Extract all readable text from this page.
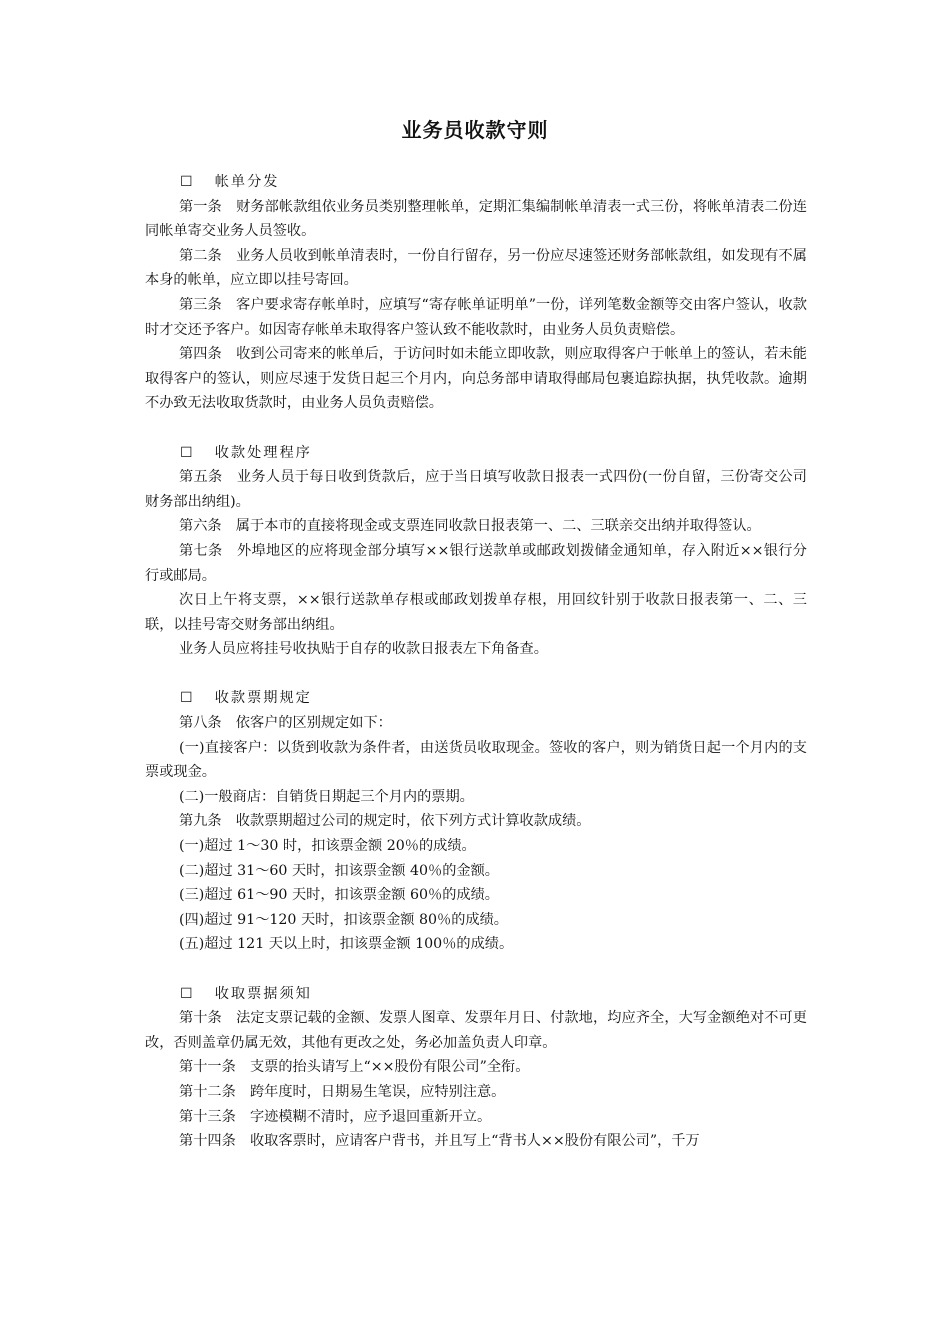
业务员收款守则
☐ 帐单分发
第一条　财务部帐款组依业务员类别整理帐单，定期汇集编制帐单清表一式三份，将帐单清表二份连同帐单寄交业务人员签收。
第二条　业务人员收到帐单清表时，一份自行留存，另一份应尽速签还财务部帐款组，如发现有不属本身的帐单，应立即以挂号寄回。
第三条　客户要求寄存帐单时，应填写“寄存帐单证明单”一份，详列笔数金额等交由客户签认，收款时才交还予客户。如因寄存帐单未取得客户签认致不能收款时，由业务人员负责赔偿。
第四条　收到公司寄来的帐单后，于访问时如未能立即收款，则应取得客户于帐单上的签认，若未能取得客户的签认，则应尽速于发货日起三个月内，向总务部申请取得邮局包裹追踪执据，执凭收款。逾期不办致无法收取货款时，由业务人员负责赔偿。
☐ 收款处理程序
第五条　业务人员于每日收到货款后，应于当日填写收款日报表一式四份(一份自留，三份寄交公司财务部出纳组)。
第六条　属于本市的直接将现金或支票连同收款日报表第一、二、三联亲交出纳并取得签认。
第七条　外埠地区的应将现金部分填写××银行送款单或邮政划拨储金通知单，存入附近××银行分行或邮局。
次日上午将支票，××银行送款单存根或邮政划拨单存根，用回纹针别于收款日报表第一、二、三联，以挂号寄交财务部出纳组。
业务人员应将挂号收执贴于自存的收款日报表左下角备查。
☐ 收款票期规定
第八条　依客户的区别规定如下：
(一)直接客户：以货到收款为条件者，由送货员收取现金。签收的客户，则为销货日起一个月内的支票或现金。
(二)一般商店：自销货日期起三个月内的票期。
第九条　收款票期超过公司的规定时，依下列方式计算收款成绩。
(一)超过 1～30 时，扣该票金额 20％的成绩。
(二)超过 31～60 天时，扣该票金额 40％的金额。
(三)超过 61～90 天时，扣该票金额 60％的成绩。
(四)超过 91～120 天时，扣该票金额 80％的成绩。
(五)超过 121 天以上时，扣该票金额 100％的成绩。
☐ 收取票据须知
第十条　法定支票记载的金额、发票人图章、发票年月日、付款地，均应齐全，大写金额绝对不可更改，否则盖章仍属无效，其他有更改之处，务必加盖负责人印章。
第十一条　支票的抬头请写上“××股份有限公司”全衔。
第十二条　跨年度时，日期易生笔误，应特别注意。
第十三条　字迹模糊不清时，应予退回重新开立。
第十四条　收取客票时，应请客户背书，并且写上“背书人××股份有限公司”，千万
